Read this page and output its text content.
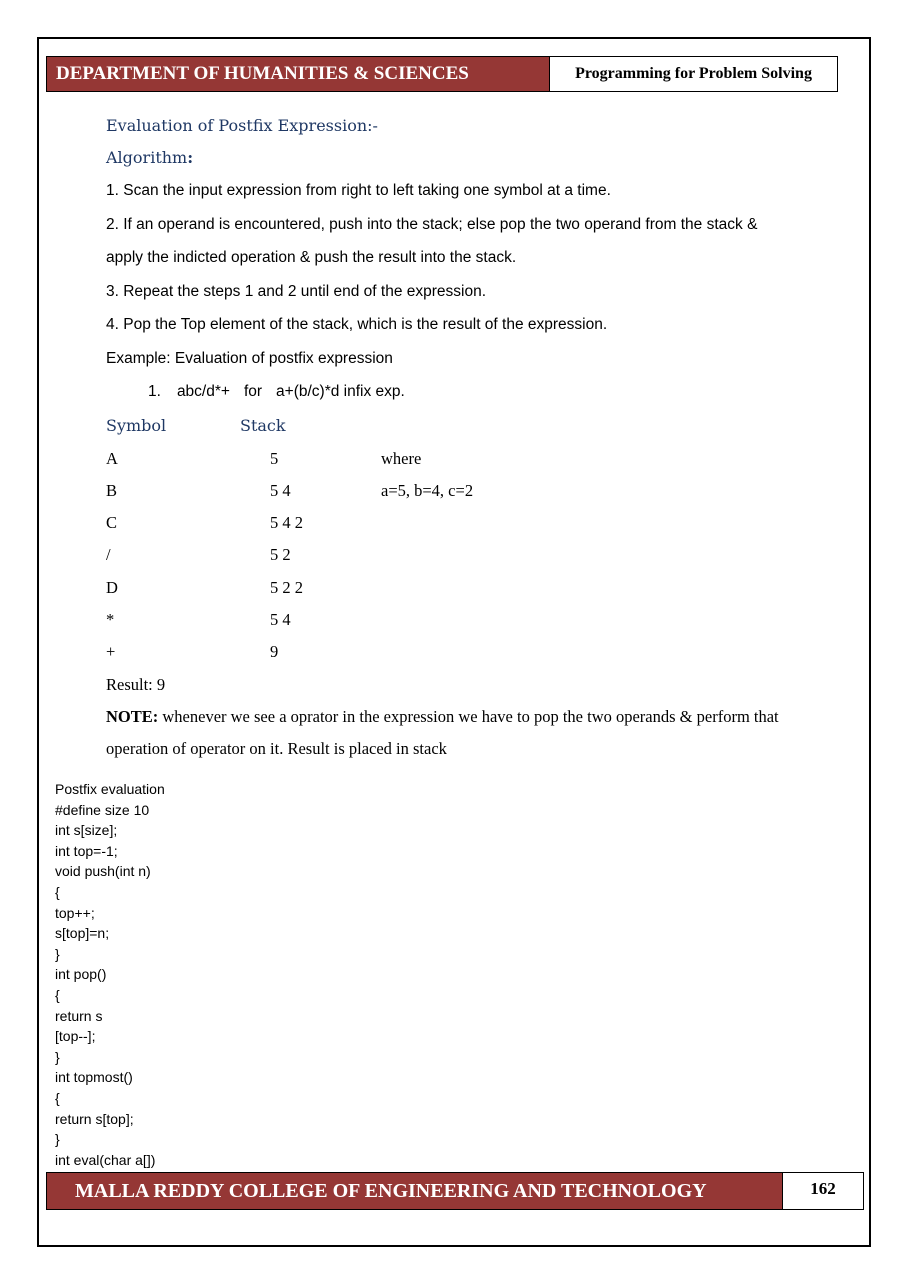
DEPARTMENT OF HUMANITIES & SCIENCES	Programming for Problem Solving
Evaluation of Postfix Expression:-
Algorithm:
1. Scan the input expression from right to left taking one symbol at a time.
2. If an operand is encountered, push into the stack; else pop the two operand from the stack &
apply the indicted operation & push the result into the stack.
3. Repeat the steps 1 and 2 until end of the expression.
4. Pop the Top element of the stack, which is the result of the expression.
Example: Evaluation of postfix expression
1. abc/d*+ for a+(b/c)*d infix exp.
Symbol	Stack
A	5	where
B	5 4	a=5, b=4, c=2
C	5 4 2
/	5 2
D	5 2 2
*	5 4
+	9
Result: 9
NOTE: whenever we see a oprator in the expression we have to pop the two operands & perform that
operation of operator on it. Result is placed in stack
Postfix evaluation
#define size 10
int s[size];
int top=-1;
void push(int n)
{
top++;
s[top]=n;
}
int pop()
{
return s
[top--];
}
int topmost()
{
return s[top];
}
int eval(char a[])
MALLA REDDY COLLEGE OF ENGINEERING AND TECHNOLOGY	162
